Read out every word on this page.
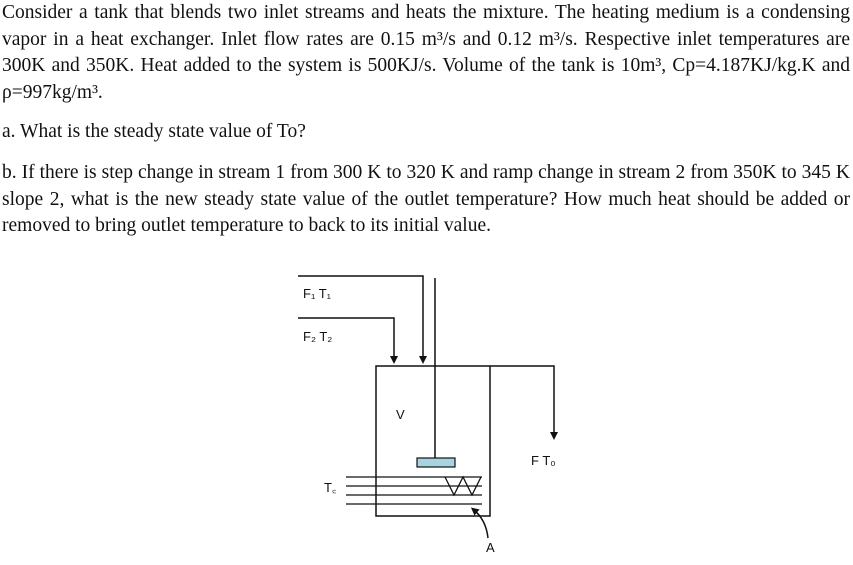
Consider a tank that blends two inlet streams and heats the mixture. The heating medium is a condensing vapor in a heat exchanger. Inlet flow rates are 0.15 m³/s and 0.12 m³/s. Respective inlet temperatures are 300K and 350K. Heat added to the system is 500KJ/s. Volume of the tank is 10m³, Cp=4.187KJ/kg.K and ρ=997kg/m³.

a. What is the steady state value of To?

b. If there is step change in stream 1 from 300 K to 320 K and ramp change in stream 2 from 350K to 345 K slope 2, what is the new steady state value of the outlet temperature? How much heat should be added or removed to bring outlet temperature to back to its initial value.

F₁ T₁
F₂ T₂
V
F T₀
T꜀
A
